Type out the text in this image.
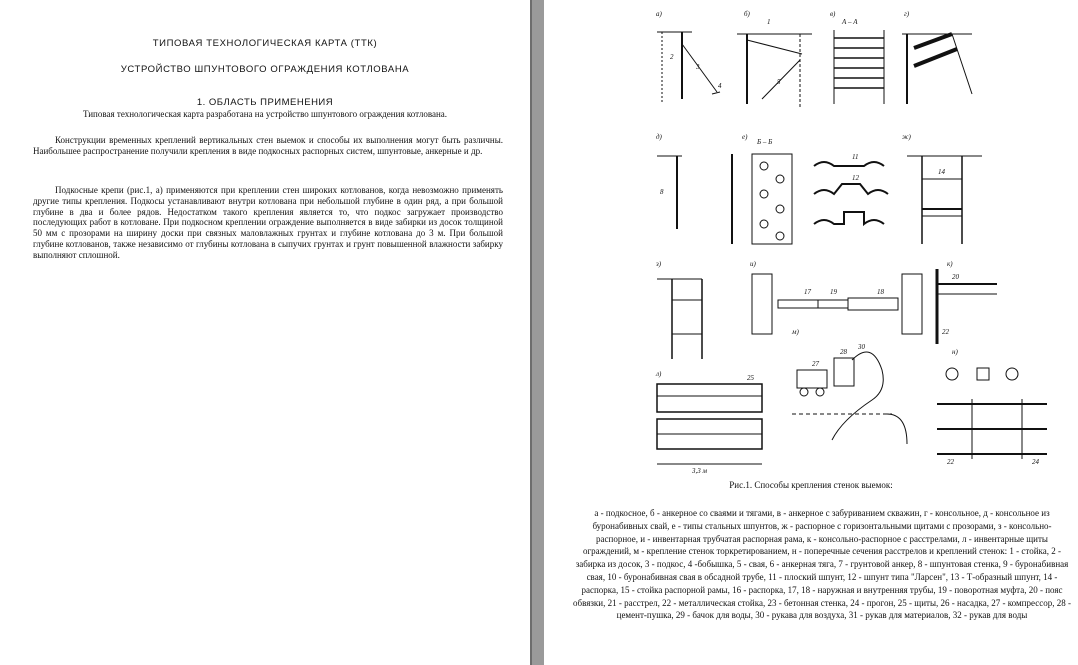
ТИПОВАЯ ТЕХНОЛОГИЧЕСКАЯ КАРТА (ТТК)
УСТРОЙСТВО ШПУНТОВОГО ОГРАЖДЕНИЯ КОТЛОВАНА
1. ОБЛАСТЬ ПРИМЕНЕНИЯ

Типовая технологическая карта разработана на устройство шпунтового ограждения котлована.

Конструкции временных креплений вертикальных стен выемок и способы их выполнения могут быть различны. Наибольшее распространение получили крепления в виде подкосных распорных систем, шпунтовые, анкерные и др.

Подкосные крепи (рис.1, а) применяются при креплении стен широких котлованов, когда невозможно применять другие типы крепления. Подкосы устанавливают внутри котлована при небольшой глубине в один ряд, а при большой глубине в два и более рядов. Недостатком такого крепления является то, что подкос загружает производство последующих работ в котловане. При подкосном креплении ограждение выполняется в виде забирки из досок толщиной 50 мм с прозорами на ширину доски при связных маловлажных грунтах и глубине котлована до 3 м. При большой глубине котлованов, также независимо от глубины котлована в сыпучих грунтах и грунт повышенной влажности забирку выполняют сплошной.

а)
2
3
4
б)
1
5
в)
А – А
г)
д)
8
е)
Б – Б
11
12
ж)
14
з)	и)
17	19	18
к)
20
22
л)
3,3 м
25
м)
27
28
30
н)
22	24
Рис.1. Способы крепления стенок выемок:

а - подкосное, б - анкерное со сваями и тягами, в - анкерное с забуриванием скважин, г - консольное, д - консольное из буронабивных свай, е - типы стальных шпунтов, ж - распорное с горизонтальными щитами с прозорами, з - консольно-распорное, и - инвентарная трубчатая распорная рама, к - консольно-распорное с расстрелами, л - инвентарные щиты ограждений, м - крепление стенок торкретированием, н - поперечные сечения расстрелов и креплений стенок: 1 - стойка, 2 - забирка из досок, 3 - подкос, 4 -бобышка, 5 - свая, 6 - анкерная тяга, 7 - грунтовой анкер, 8 - шпунтовая стенка, 9 - буронабивная свая, 10 - буронабивная свая в обсадной трубе, 11 - плоский шпунт, 12 - шпунт типа "Ларсен", 13 - Т-образный шпунт, 14 - распорка, 15 - стойка распорной рамы, 16 - распорка, 17, 18 - наружная и внутренняя трубы, 19 - поворотная муфта, 20 - пояс обвязки, 21 - расстрел, 22 - металлическая стойка, 23 - бетонная стенка, 24 - прогон, 25 - щиты, 26 - насадка, 27 - компрессор, 28 - цемент-пушка, 29 - бачок для воды, 30 - рукава для воздуха, 31 - рукав для материалов, 32 - рукав для воды
